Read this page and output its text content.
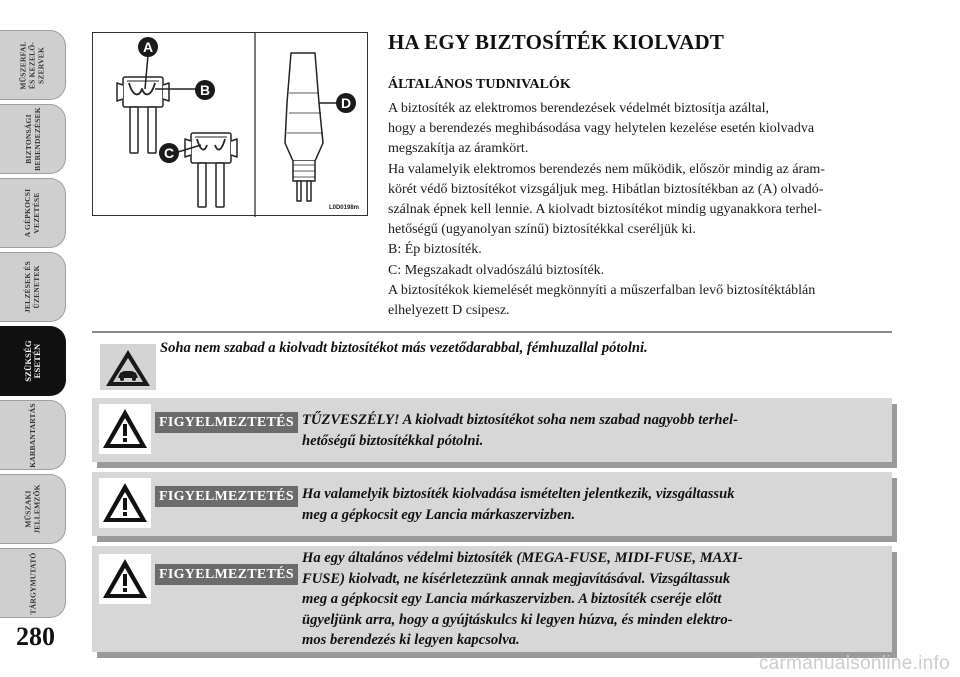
MŰSZERFAL ÉS KEZELŐ- SZERVEK
BIZTONSÁGI BERENDEZÉSEK
A GÉPKOCSI VEZETÉSE
JELZÉSEK ÉS ÜZENETEK
SZÜKSÉG ESETÉN
KARBANTARTÁS
MŰSZAKI JELLEMZŐK
TÁRGYMUTATÓ
280
A
B
C
D
L0D0198m
HA EGY BIZTOSÍTÉK KIOLVADT
ÁLTALÁNOS TUDNIVALÓK

A biztosíték az elektromos berendezések védelmét biztosítja azáltal,

hogy a berendezés meghibásodása vagy helytelen kezelése esetén kiolvadva

megszakítja az áramkört.

Ha valamelyik elektromos berendezés nem működik, először mindig az áram-

körét védő biztosítékot vizsgáljuk meg. Hibátlan biztosítékban az (A) olvadó-

szálnak épnek kell lennie. A kiolvadt biztosítékot mindig ugyanakkora terhel-

hetőségű (ugyanolyan színű) biztosítékkal cseréljük ki.

B: Ép biztosíték.

C: Megszakadt olvadószálú biztosíték.

A biztosítékok kiemelését megkönnyíti a műszerfalban levő biztosítéktáblán

elhelyezett D csipesz.

Soha nem szabad a kiolvadt biztosítékot más vezetődarabbal, fémhuzallal pótolni.
FIGYELMEZTETÉS TŰZVESZÉLY! A kiolvadt biztosítékot soha nem szabad nagyobb terhel-
hetőségű biztosítékkal pótolni.
FIGYELMEZTETÉS Ha valamelyik biztosíték kiolvadása ismételten jelentkezik, vizsgáltassuk
meg a gépkocsit egy Lancia márkaszervizben.
FIGYELMEZTETÉS
Ha egy általános védelmi biztosíték (MEGA-FUSE, MIDI-FUSE, MAXI-
FUSE) kiolvadt, ne kísérletezzünk annak megjavításával. Vizsgáltassuk
meg a gépkocsit egy Lancia márkaszervizben. A biztosíték cseréje előtt
ügyeljünk arra, hogy a gyújtáskulcs ki legyen húzva, és minden elektro-
mos berendezés ki legyen kapcsolva.
carmanualsonline.info
